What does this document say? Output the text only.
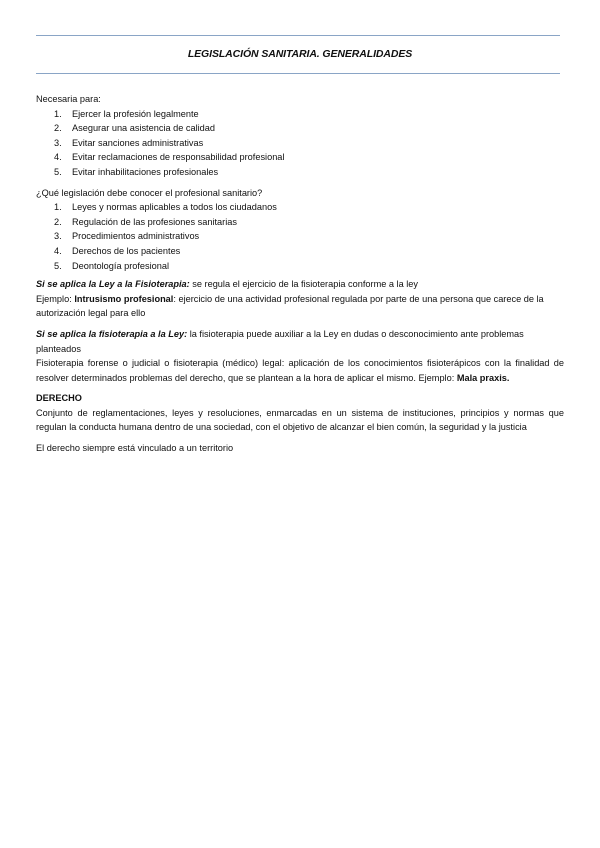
LEGISLACIÓN SANITARIA. GENERALIDADES

Necesaria para:

1. Ejercer la profesión legalmente
2. Asegurar una asistencia de calidad
3. Evitar sanciones administrativas
4. Evitar reclamaciones de responsabilidad profesional
5. Evitar inhabilitaciones profesionales

¿Qué legislación debe conocer el profesional sanitario?

1. Leyes y normas aplicables a todos los ciudadanos
2. Regulación de las profesiones sanitarias
3. Procedimientos administrativos
4. Derechos de los pacientes
5. Deontología profesional

Si se aplica la Ley a la Fisioterapia: se regula el ejercicio de la fisioterapia conforme a la ley

Ejemplo: Intrusismo profesional: ejercicio de una actividad profesional regulada por parte de una persona que carece de la autorización legal para ello

Si se aplica la fisioterapia a la Ley: la fisioterapia puede auxiliar a la Ley en dudas o desconocimiento ante problemas planteados

Fisioterapia forense o judicial o fisioterapia (médico) legal: aplicación de los conocimientos fisioterápicos con la finalidad de resolver determinados problemas del derecho, que se plantean a la hora de aplicar el mismo. Ejemplo: Mala praxis.

DERECHO

Conjunto de reglamentaciones, leyes y resoluciones, enmarcadas en un sistema de instituciones, principios y normas que regulan la conducta humana dentro de una sociedad, con el objetivo de alcanzar el bien común, la seguridad y la justicia

El derecho siempre está vinculado a un territorio
